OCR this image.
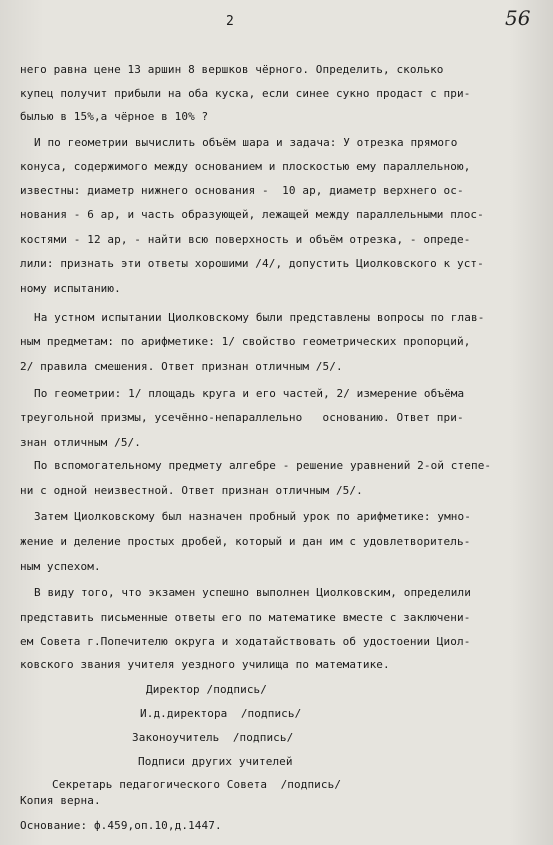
2	56
него равна цене 13 аршин 8 вершков чёрного. Определить, сколько
купец получит прибыли на оба куска, если синее сукно продаст с при-
былью в 15%,а чёрное в 10% ?
И по геометрии вычислить объём шара и задача: У отрезка прямого
конуса, содержимого между основанием и плоскостью ему параллельною,
известны: диаметр нижнего основания -  10 ар, диаметр верхнего ос-
нования - 6 ар, и часть образующей, лежащей между параллельными плос-
костями - 12 ар, - найти всю поверхность и объём отрезка, - опреде-
лили: признать эти ответы хорошими /4/, допустить Циолковского к уст-
ному испытанию.
На устном испытании Циолковскому были представлены вопросы по глав-
ным предметам: по арифметике: 1/ свойство геометрических пропорций,
2/ правила смешения. Ответ признан отличным /5/.
По геометрии: 1/ площадь круга и его частей, 2/ измерение объёма
треугольной призмы, усечённо-непараллельно   основанию. Ответ при-
знан отличным /5/.
По вспомогательному предмету алгебре - решение уравнений 2-ой степе-
ни с одной неизвестной. Ответ признан отличным /5/.
Затем Циолковскому был назначен пробный урок по арифметике: умно-
жение и деление простых дробей, который и дан им с удовлетворитель-
ным успехом.
В виду того, что экзамен успешно выполнен Циолковским, определили
представить письменные ответы его по математике вместе с заключени-
ем Совета г.Попечителю округа и ходатайствовать об удостоении Циол-
ковского звания учителя уездного училища по математике.
Директор /подпись/
И.д.директора  /подпись/
Законоучитель  /подпись/
Подписи других учителей
Секретарь педагогического Совета  /подпись/
Копия верна.
Основание: ф.459,оп.10,д.1447.
